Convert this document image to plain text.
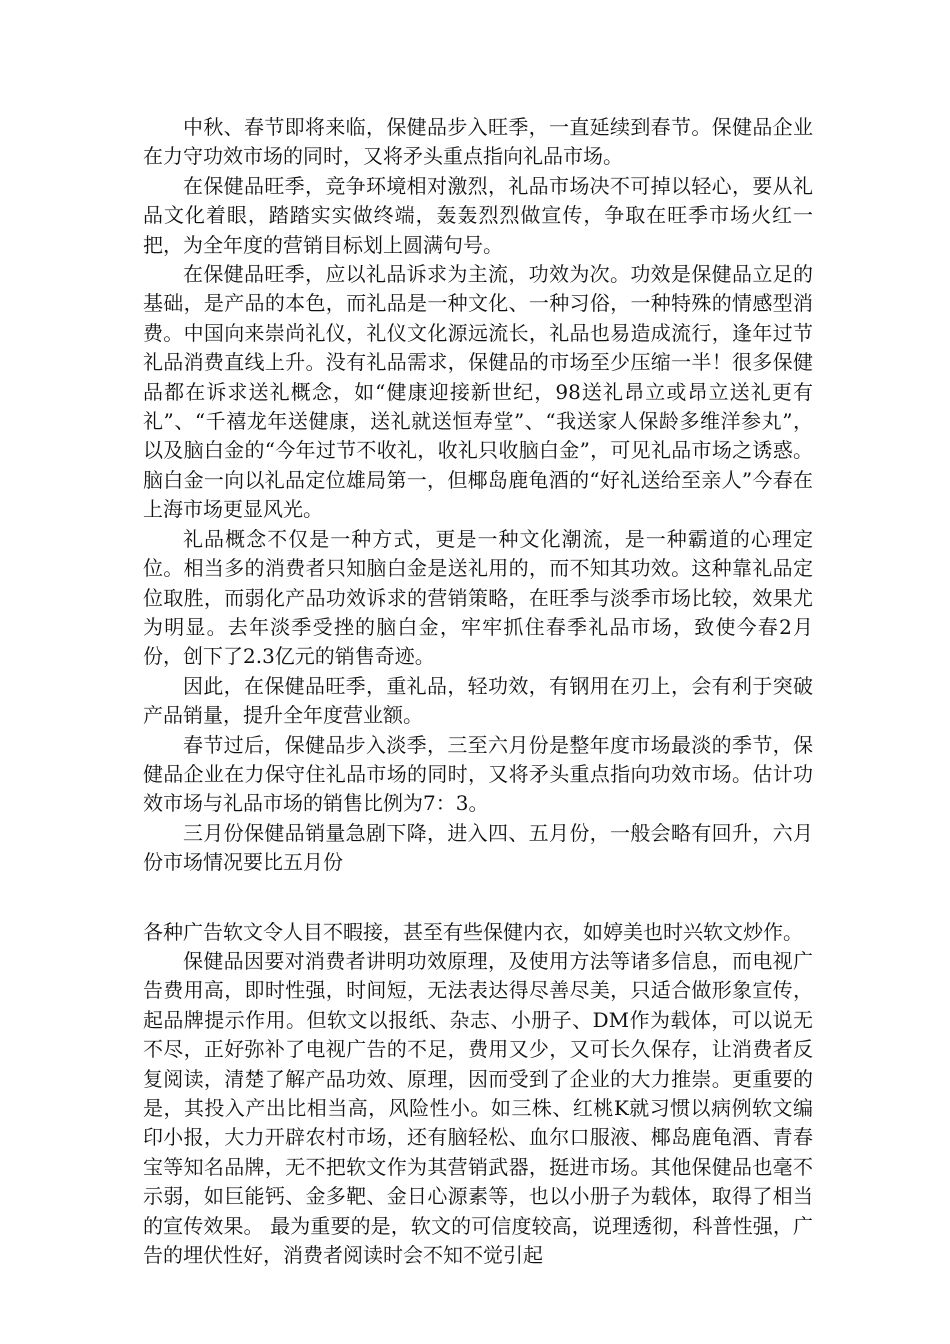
中秋、春节即将来临，保健品步入旺季，一直延续到春节。保健品企业在力守功效市场的同时，又将矛头重点指向礼品市场。

在保健品旺季，竞争环境相对激烈，礼品市场决不可掉以轻心，要从礼品文化着眼，踏踏实实做终端，轰轰烈烈做宣传，争取在旺季市场火红一把，为全年度的营销目标划上圆满句号。

在保健品旺季，应以礼品诉求为主流，功效为次。功效是保健品立足的基础，是产品的本色，而礼品是一种文化、一种习俗，一种特殊的情感型消费。中国向来崇尚礼仪，礼仪文化源远流长，礼品也易造成流行，逢年过节礼品消费直线上升。没有礼品需求，保健品的市场至少压缩一半！很多保健品都在诉求送礼概念，如“健康迎接新世纪，98送礼昂立或昂立送礼更有礼”、“千禧龙年送健康，送礼就送恒寿堂”、“我送家人保龄多维洋参丸”，以及脑白金的“今年过节不收礼，收礼只收脑白金”，可见礼品市场之诱惑。脑白金一向以礼品定位雄局第一，但椰岛鹿龟酒的“好礼送给至亲人”今春在上海市场更显风光。

礼品概念不仅是一种方式，更是一种文化潮流，是一种霸道的心理定位。相当多的消费者只知脑白金是送礼用的，而不知其功效。这种靠礼品定位取胜，而弱化产品功效诉求的营销策略，在旺季与淡季市场比较，效果尤为明显。去年淡季受挫的脑白金，牢牢抓住春季礼品市场，致使今春2月份，创下了2.3亿元的销售奇迹。

因此，在保健品旺季，重礼品，轻功效，有钢用在刃上，会有利于突破产品销量，提升全年度营业额。

春节过后，保健品步入淡季，三至六月份是整年度市场最淡的季节，保健品企业在力保守住礼品市场的同时，又将矛头重点指向功效市场。估计功效市场与礼品市场的销售比例为7：3。

三月份保健品销量急剧下降，进入四、五月份，一般会略有回升，六月份市场情况要比五月份

各种广告软文令人目不暇接，甚至有些保健内衣，如婷美也时兴软文炒作。

保健品因要对消费者讲明功效原理，及使用方法等诸多信息，而电视广告费用高，即时性强，时间短，无法表达得尽善尽美，只适合做形象宣传，起品牌提示作用。但软文以报纸、杂志、小册子、DM作为载体，可以说无不尽，正好弥补了电视广告的不足，费用又少，又可长久保存，让消费者反复阅读，清楚了解产品功效、原理，因而受到了企业的大力推崇。更重要的是，其投入产出比相当高，风险性小。如三株、红桃K就习惯以病例软文编印小报，大力开辟农村市场，还有脑轻松、血尔口服液、椰岛鹿龟酒、青春宝等知名品牌，无不把软文作为其营销武器，挺进市场。其他保健品也毫不示弱，如巨能钙、金多靶、金日心源素等，也以小册子为载体，取得了相当的宣传效果。 最为重要的是，软文的可信度较高，说理透彻，科普性强，广告的埋伏性好，消费者阅读时会不知不觉引起
